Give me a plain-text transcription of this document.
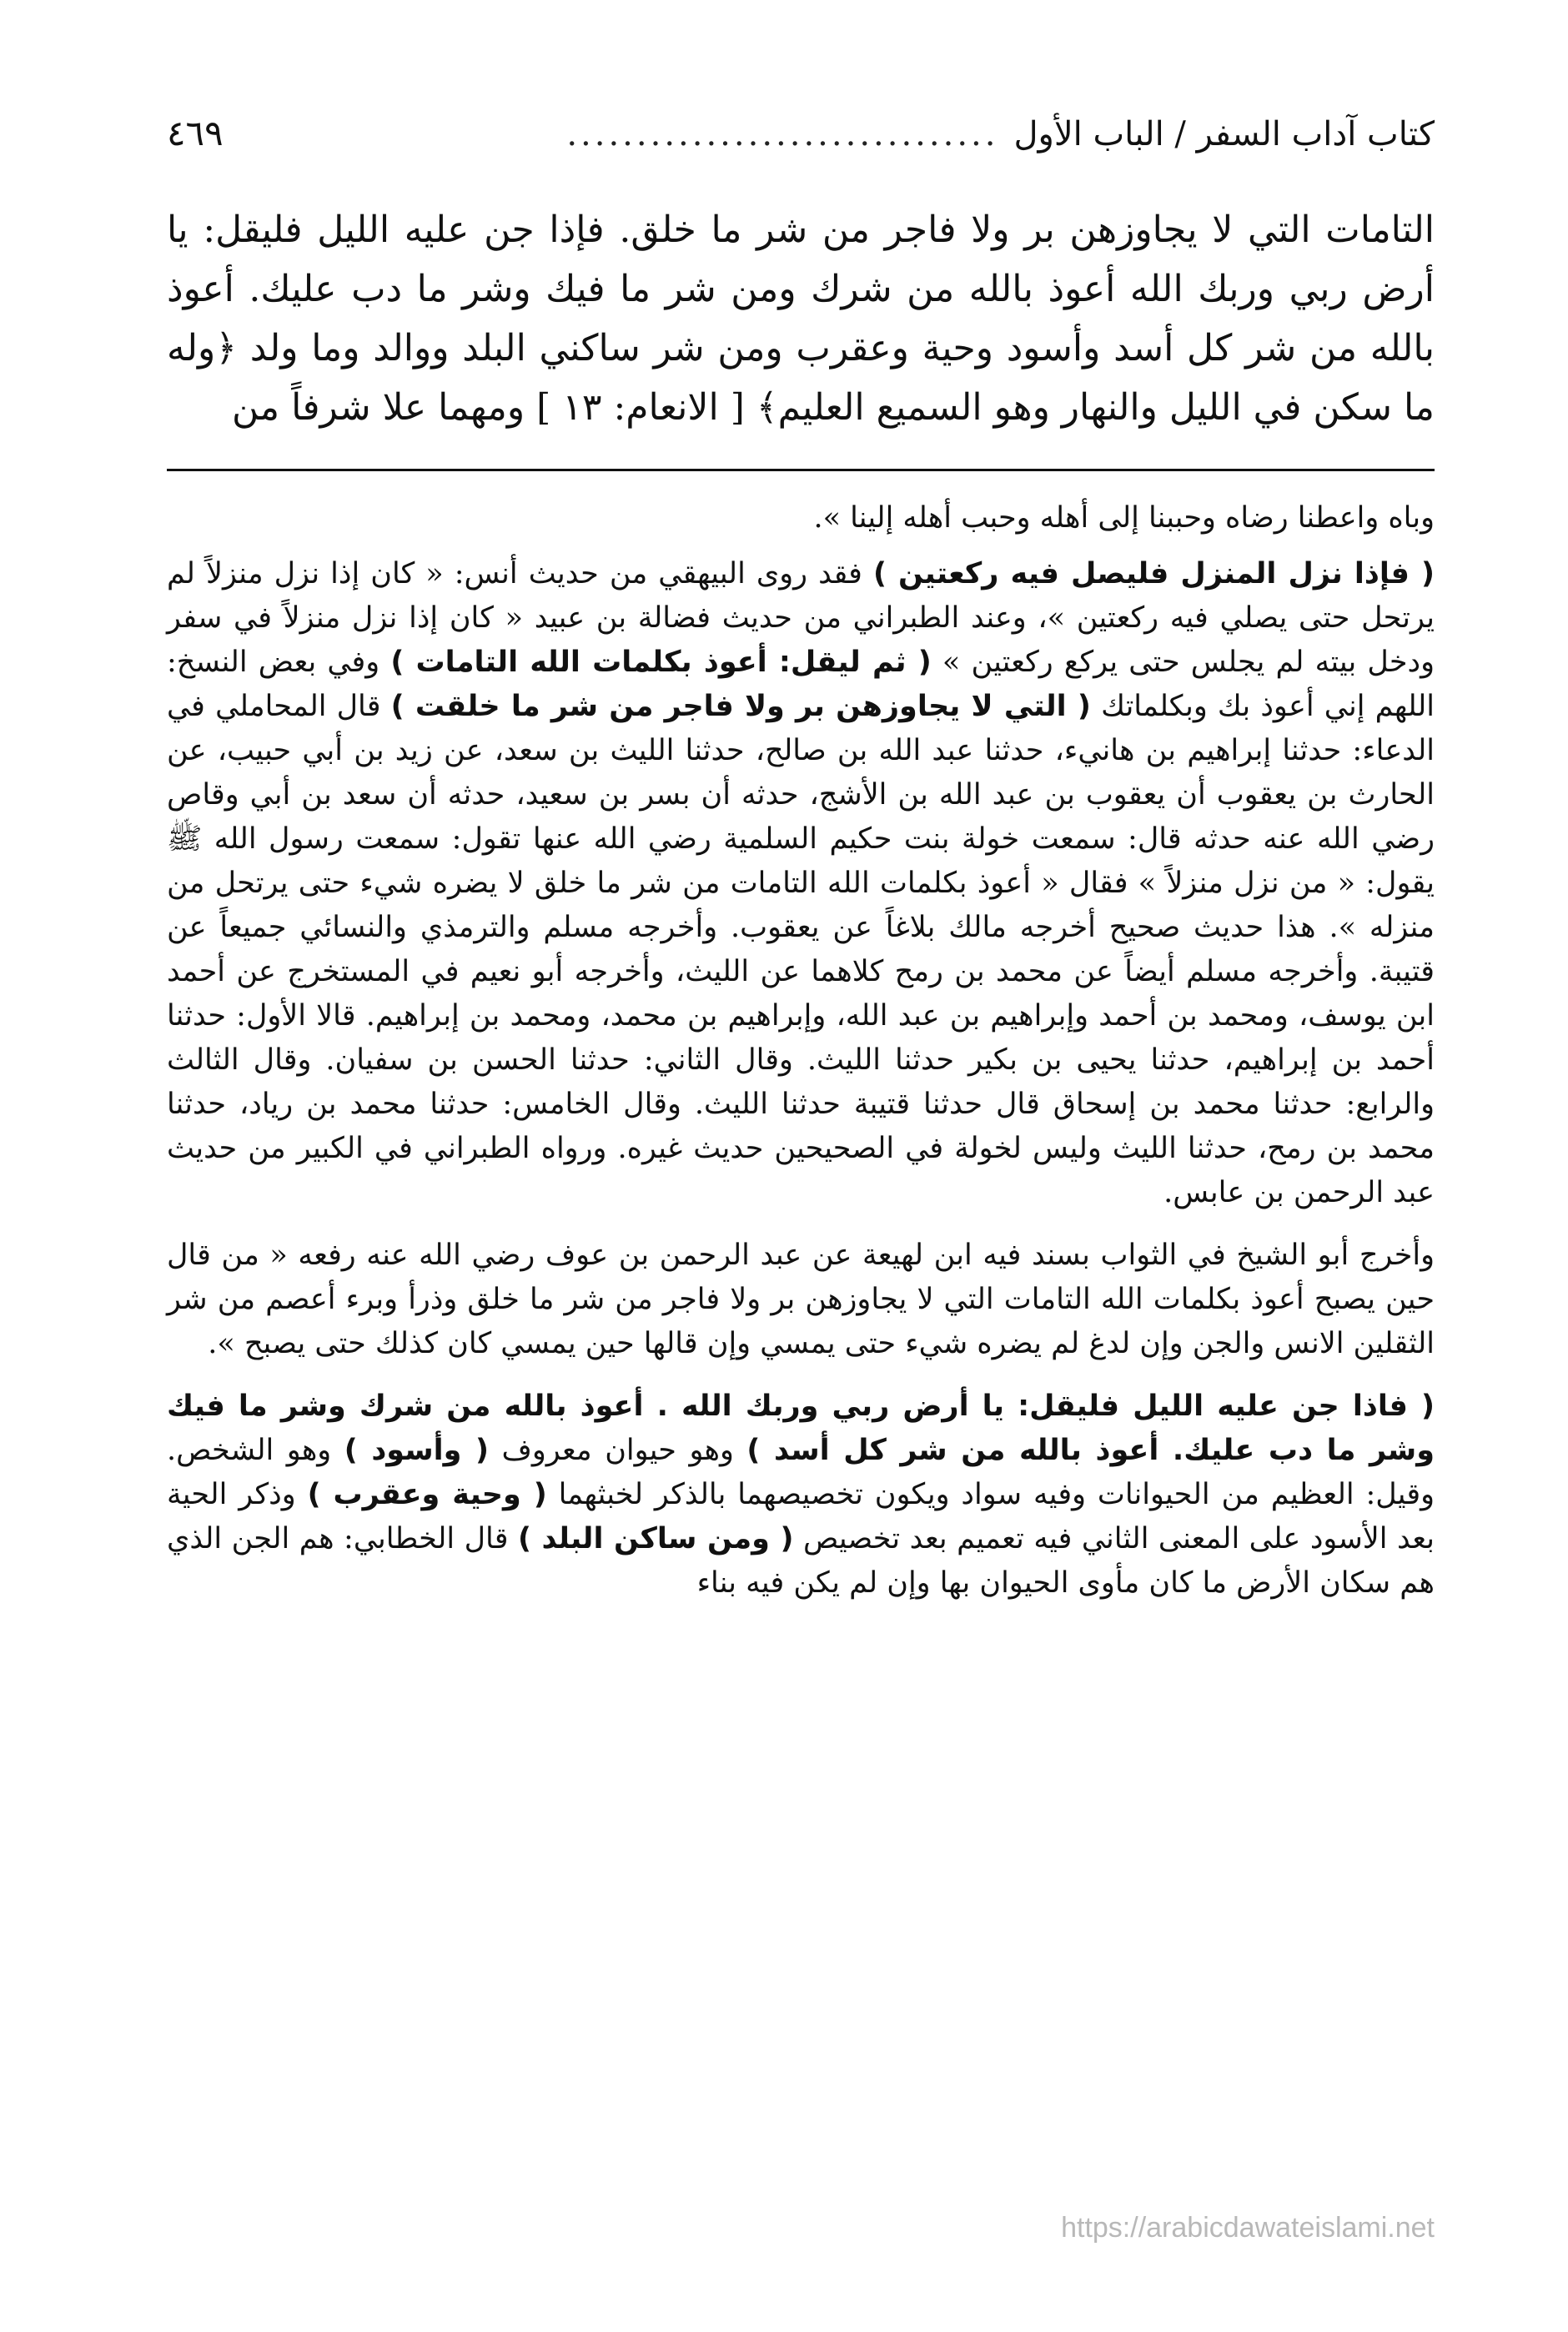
كتاب آداب السفر / الباب الأول
...............................
٤٦٩

التامات التي لا يجاوزهن بر ولا فاجر من شر ما خلق. فإذا جن عليه الليل فليقل: يا أرض ربي وربك الله أعوذ بالله من شرك ومن شر ما فيك وشر ما دب عليك. أعوذ بالله من شر كل أسد وأسود وحية وعقرب ومن شر ساكني البلد ووالد وما ولد ﴿وله ما سكن في الليل والنهار وهو السميع العليم﴾ [ الانعام: ١٣ ] ومهما علا شرفاً من

وباه واعطنا رضاه وحببنا إلى أهله وحبب أهله إلينا ».

( فإذا نزل المنزل فليصل فيه ركعتين ) فقد روى البيهقي من حديث أنس: « كان إذا نزل منزلاً لم يرتحل حتى يصلي فيه ركعتين »، وعند الطبراني من حديث فضالة بن عبيد « كان إذا نزل منزلاً في سفر ودخل بيته لم يجلس حتى يركع ركعتين » ( ثم ليقل: أعوذ بكلمات الله التامات ) وفي بعض النسخ: اللهم إني أعوذ بك وبكلماتك ( التي لا يجاوزهن بر ولا فاجر من شر ما خلقت ) قال المحاملي في الدعاء: حدثنا إبراهيم بن هانيء، حدثنا عبد الله بن صالح، حدثنا الليث بن سعد، عن زيد بن أبي حبيب، عن الحارث بن يعقوب أن يعقوب بن عبد الله بن الأشج، حدثه أن بسر بن سعيد، حدثه أن سعد بن أبي وقاص رضي الله عنه حدثه قال: سمعت خولة بنت حكيم السلمية رضي الله عنها تقول: سمعت رسول الله ﷺ يقول: « من نزل منزلاً » فقال « أعوذ بكلمات الله التامات من شر ما خلق لا يضره شيء حتى يرتحل من منزله ». هذا حديث صحيح أخرجه مالك بلاغاً عن يعقوب. وأخرجه مسلم والترمذي والنسائي جميعاً عن قتيبة. وأخرجه مسلم أيضاً عن محمد بن رمح كلاهما عن الليث، وأخرجه أبو نعيم في المستخرج عن أحمد ابن يوسف، ومحمد بن أحمد وإبراهيم بن عبد الله، وإبراهيم بن محمد، ومحمد بن إبراهيم. قالا الأول: حدثنا أحمد بن إبراهيم، حدثنا يحيى بن بكير حدثنا الليث. وقال الثاني: حدثنا الحسن بن سفيان. وقال الثالث والرابع: حدثنا محمد بن إسحاق قال حدثنا قتيبة حدثنا الليث. وقال الخامس: حدثنا محمد بن رياد، حدثنا محمد بن رمح، حدثنا الليث وليس لخولة في الصحيحين حديث غيره. ورواه الطبراني في الكبير من حديث عبد الرحمن بن عابس.

وأخرج أبو الشيخ في الثواب بسند فيه ابن لهيعة عن عبد الرحمن بن عوف رضي الله عنه رفعه « من قال حين يصبح أعوذ بكلمات الله التامات التي لا يجاوزهن بر ولا فاجر من شر ما خلق وذرأ وبرء أعصم من شر الثقلين الانس والجن وإن لدغ لم يضره شيء حتى يمسي وإن قالها حين يمسي كان كذلك حتى يصبح ».

( فاذا جن عليه الليل فليقل: يا أرض ربي وربك الله . أعوذ بالله من شرك وشر ما فيك وشر ما دب عليك. أعوذ بالله من شر كل أسد ) وهو حيوان معروف ( وأسود ) وهو الشخص. وقيل: العظيم من الحيوانات وفيه سواد ويكون تخصيصهما بالذكر لخبثهما ( وحية وعقرب ) وذكر الحية بعد الأسود على المعنى الثاني فيه تعميم بعد تخصيص ( ومن ساكن البلد ) قال الخطابي: هم الجن الذي هم سكان الأرض ما كان مأوى الحيوان بها وإن لم يكن فيه بناء

https://arabicdawateislami.net
